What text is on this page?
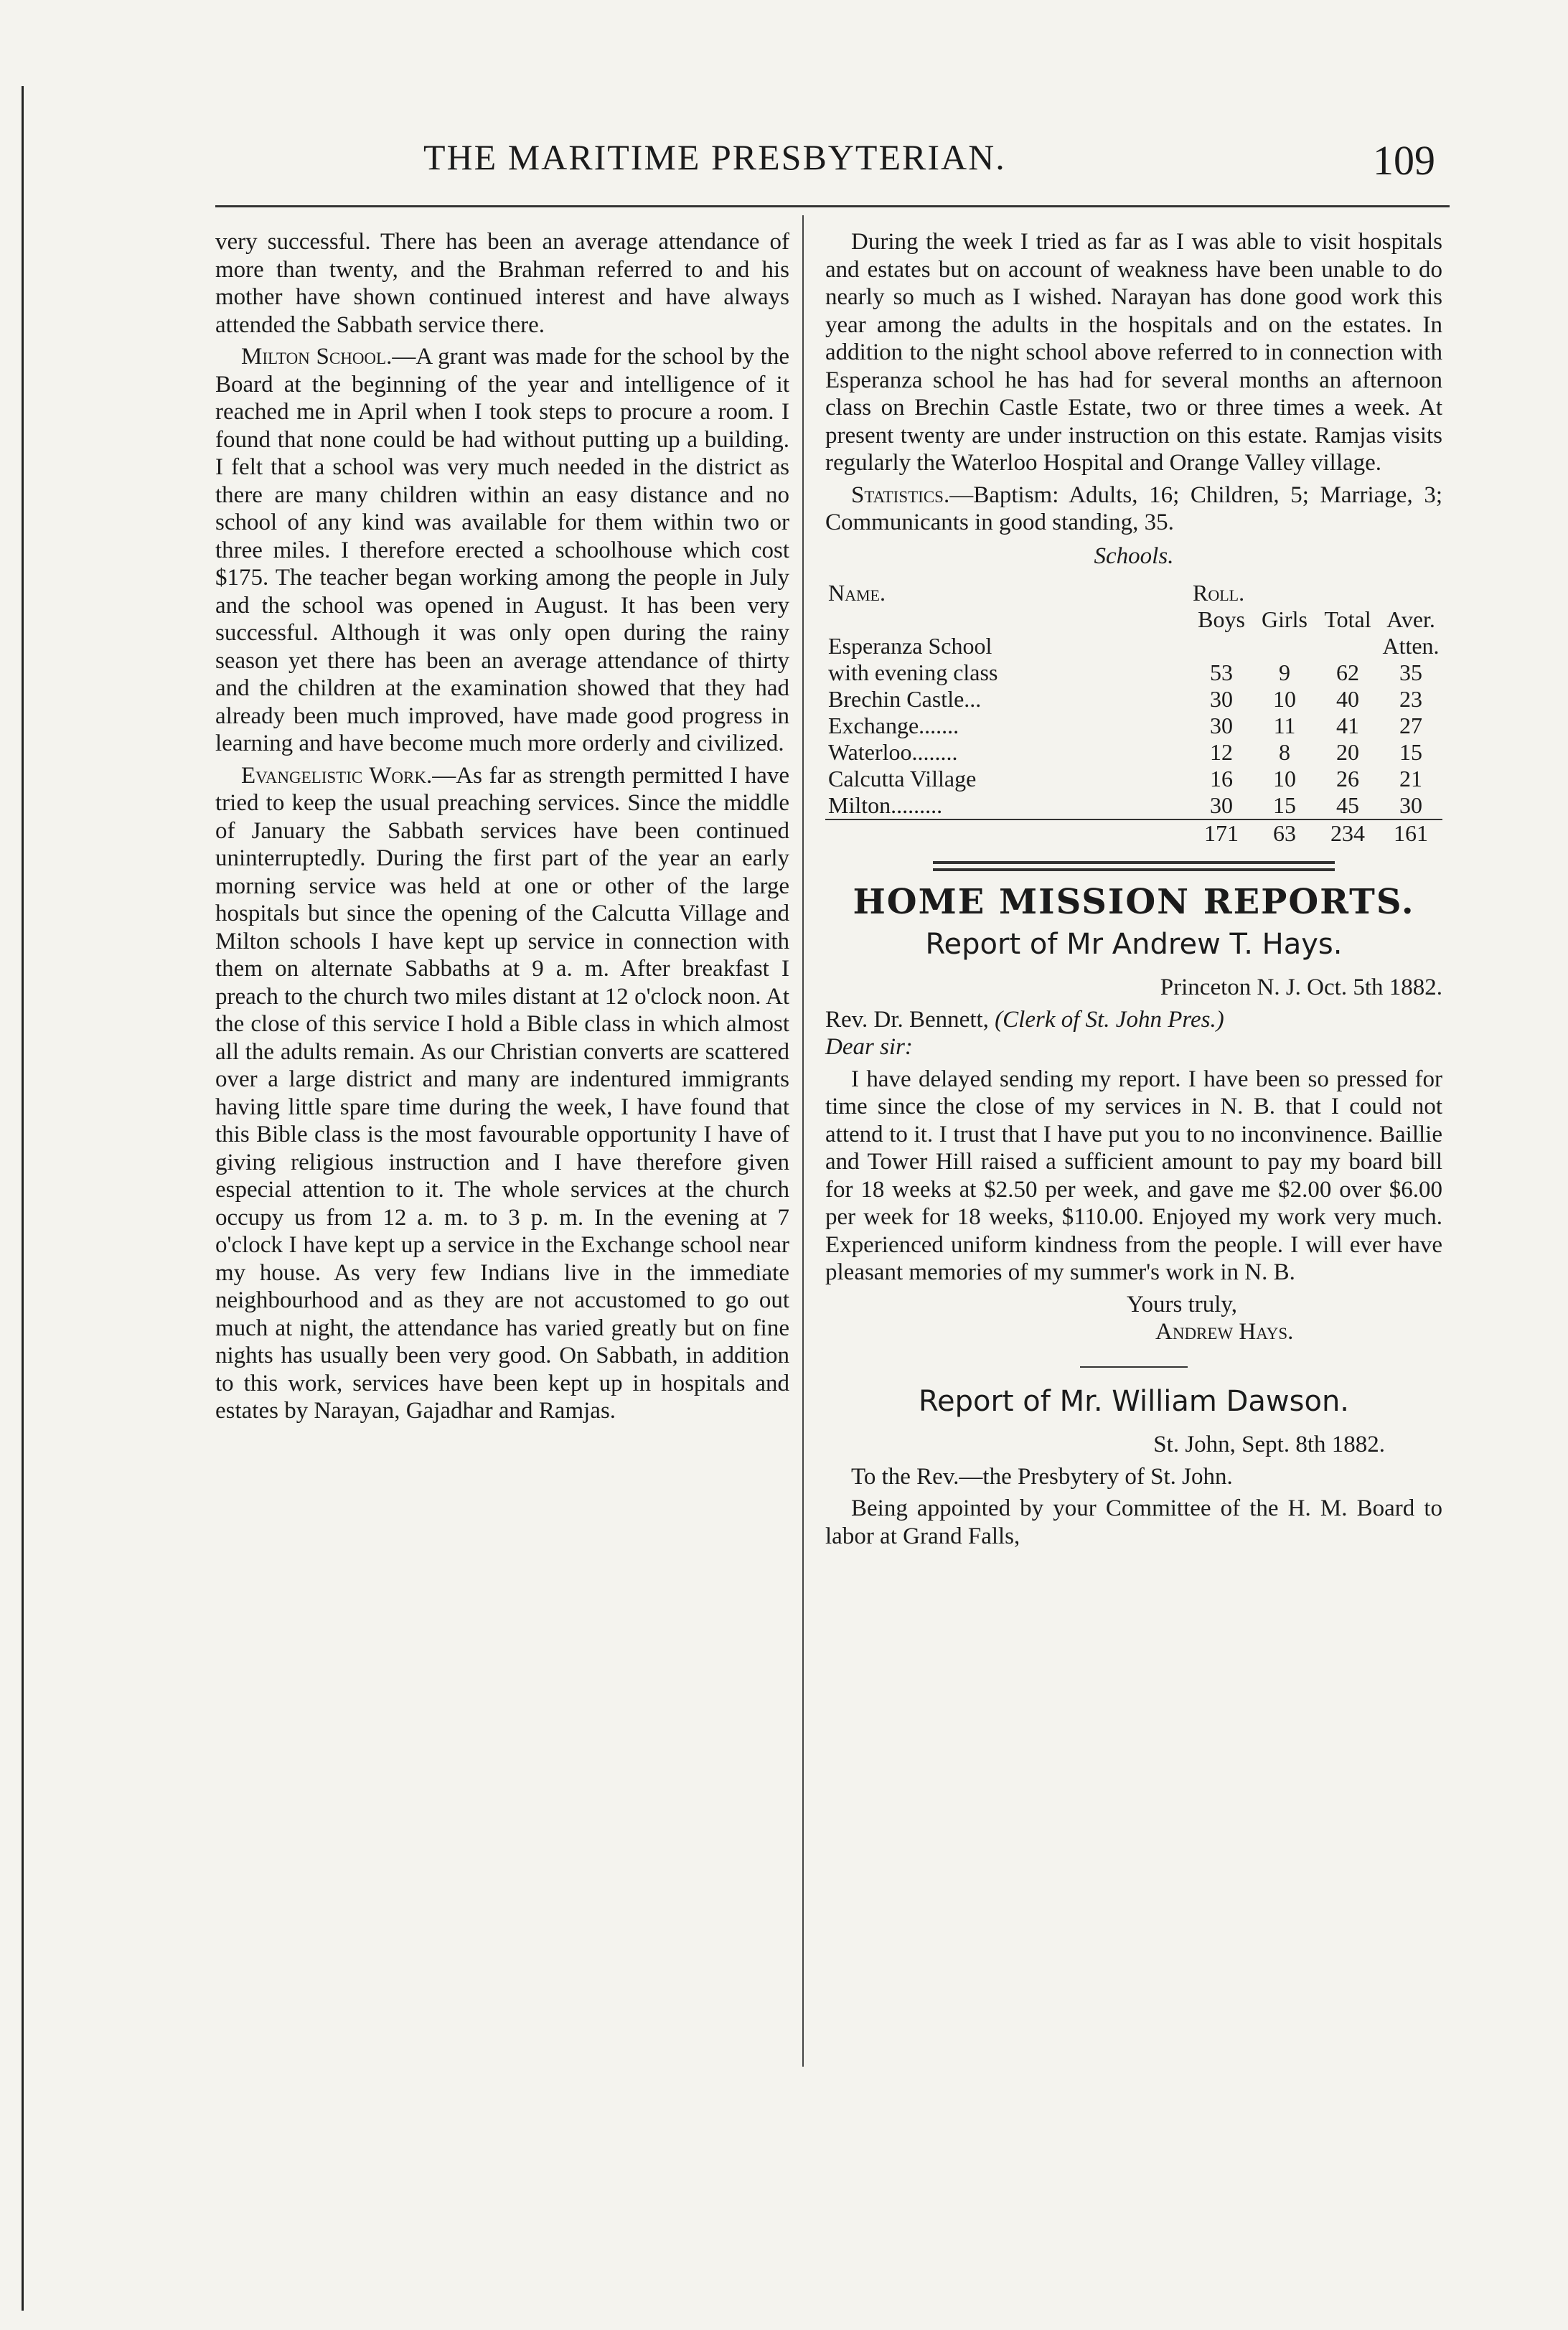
THE MARITIME PRESBYTERIAN.	109

very successful. There has been an average attendance of more than twenty, and the Brahman referred to and his mother have shown continued interest and have always attended the Sabbath service there.

Milton School.—A grant was made for the school by the Board at the beginning of the year and intelligence of it reached me in April when I took steps to procure a room. I found that none could be had without putting up a building. I felt that a school was very much needed in the district as there are many children within an easy distance and no school of any kind was available for them within two or three miles. I therefore erected a schoolhouse which cost $175. The teacher began working among the people in July and the school was opened in August. It has been very successful. Although it was only open during the rainy season yet there has been an average attendance of thirty and the children at the examination showed that they had already been much improved, have made good progress in learning and have become much more orderly and civilized.

Evangelistic Work.—As far as strength permitted I have tried to keep the usual preaching services. Since the middle of January the Sabbath services have been continued uninterruptedly. During the first part of the year an early morning service was held at one or other of the large hospitals but since the opening of the Calcutta Village and Milton schools I have kept up service in connection with them on alternate Sabbaths at 9 a. m. After breakfast I preach to the church two miles distant at 12 o'clock noon. At the close of this service I hold a Bible class in which almost all the adults remain. As our Christian converts are scattered over a large district and many are indentured immigrants having little spare time during the week, I have found that this Bible class is the most favourable opportunity I have of giving religious instruction and I have therefore given especial attention to it. The whole services at the church occupy us from 12 a. m. to 3 p. m. In the evening at 7 o'clock I have kept up a service in the Exchange school near my house. As very few Indians live in the immediate neighbourhood and as they are not accustomed to go out much at night, the attendance has varied greatly but on fine nights has usually been very good. On Sabbath, in addition to this work, services have been kept up in hospitals and estates by Narayan, Gajadhar and Ramjas.

During the week I tried as far as I was able to visit hospitals and estates but on account of weakness have been unable to do nearly so much as I wished. Narayan has done good work this year among the adults in the hospitals and on the estates. In addition to the night school above referred to in connection with Esperanza school he has had for several months an afternoon class on Brechin Castle Estate, two or three times a week. At present twenty are under instruction on this estate. Ramjas visits regularly the Waterloo Hospital and Orange Valley village.

Statistics.—Baptism: Adults, 16; Children, 5; Marriage, 3; Communicants in good standing, 35.

Schools.
Name.	Roll.			
	Boys	Girls	Total	Aver.
Esperanza School				Atten.
with evening class	53	9	62	35
Brechin Castle...	30	10	40	23
Exchange.......	30	11	41	27
Waterloo........	12	8	20	15
Calcutta Village	16	10	26	21
Milton.........	30	15	45	30
	171	63	234	161
HOME MISSION REPORTS.
Report of Mr Andrew T. Hays.

Princeton N. J. Oct. 5th 1882.

Rev. Dr. Bennett, (Clerk of St. John Pres.)

Dear sir:

I have delayed sending my report. I have been so pressed for time since the close of my services in N. B. that I could not attend to it. I trust that I have put you to no inconvinence. Baillie and Tower Hill raised a sufficient amount to pay my board bill for 18 weeks at $2.50 per week, and gave me $2.00 over $6.00 per week for 18 weeks, $110.00. Enjoyed my work very much. Experienced uniform kindness from the people. I will ever have pleasant memories of my summer's work in N. B.

Yours truly,

Andrew Hays.

Report of Mr. William Dawson.

St. John, Sept. 8th 1882.

To the Rev.—the Presbytery of St. John.

Being appointed by your Committee of the H. M. Board to labor at Grand Falls,
